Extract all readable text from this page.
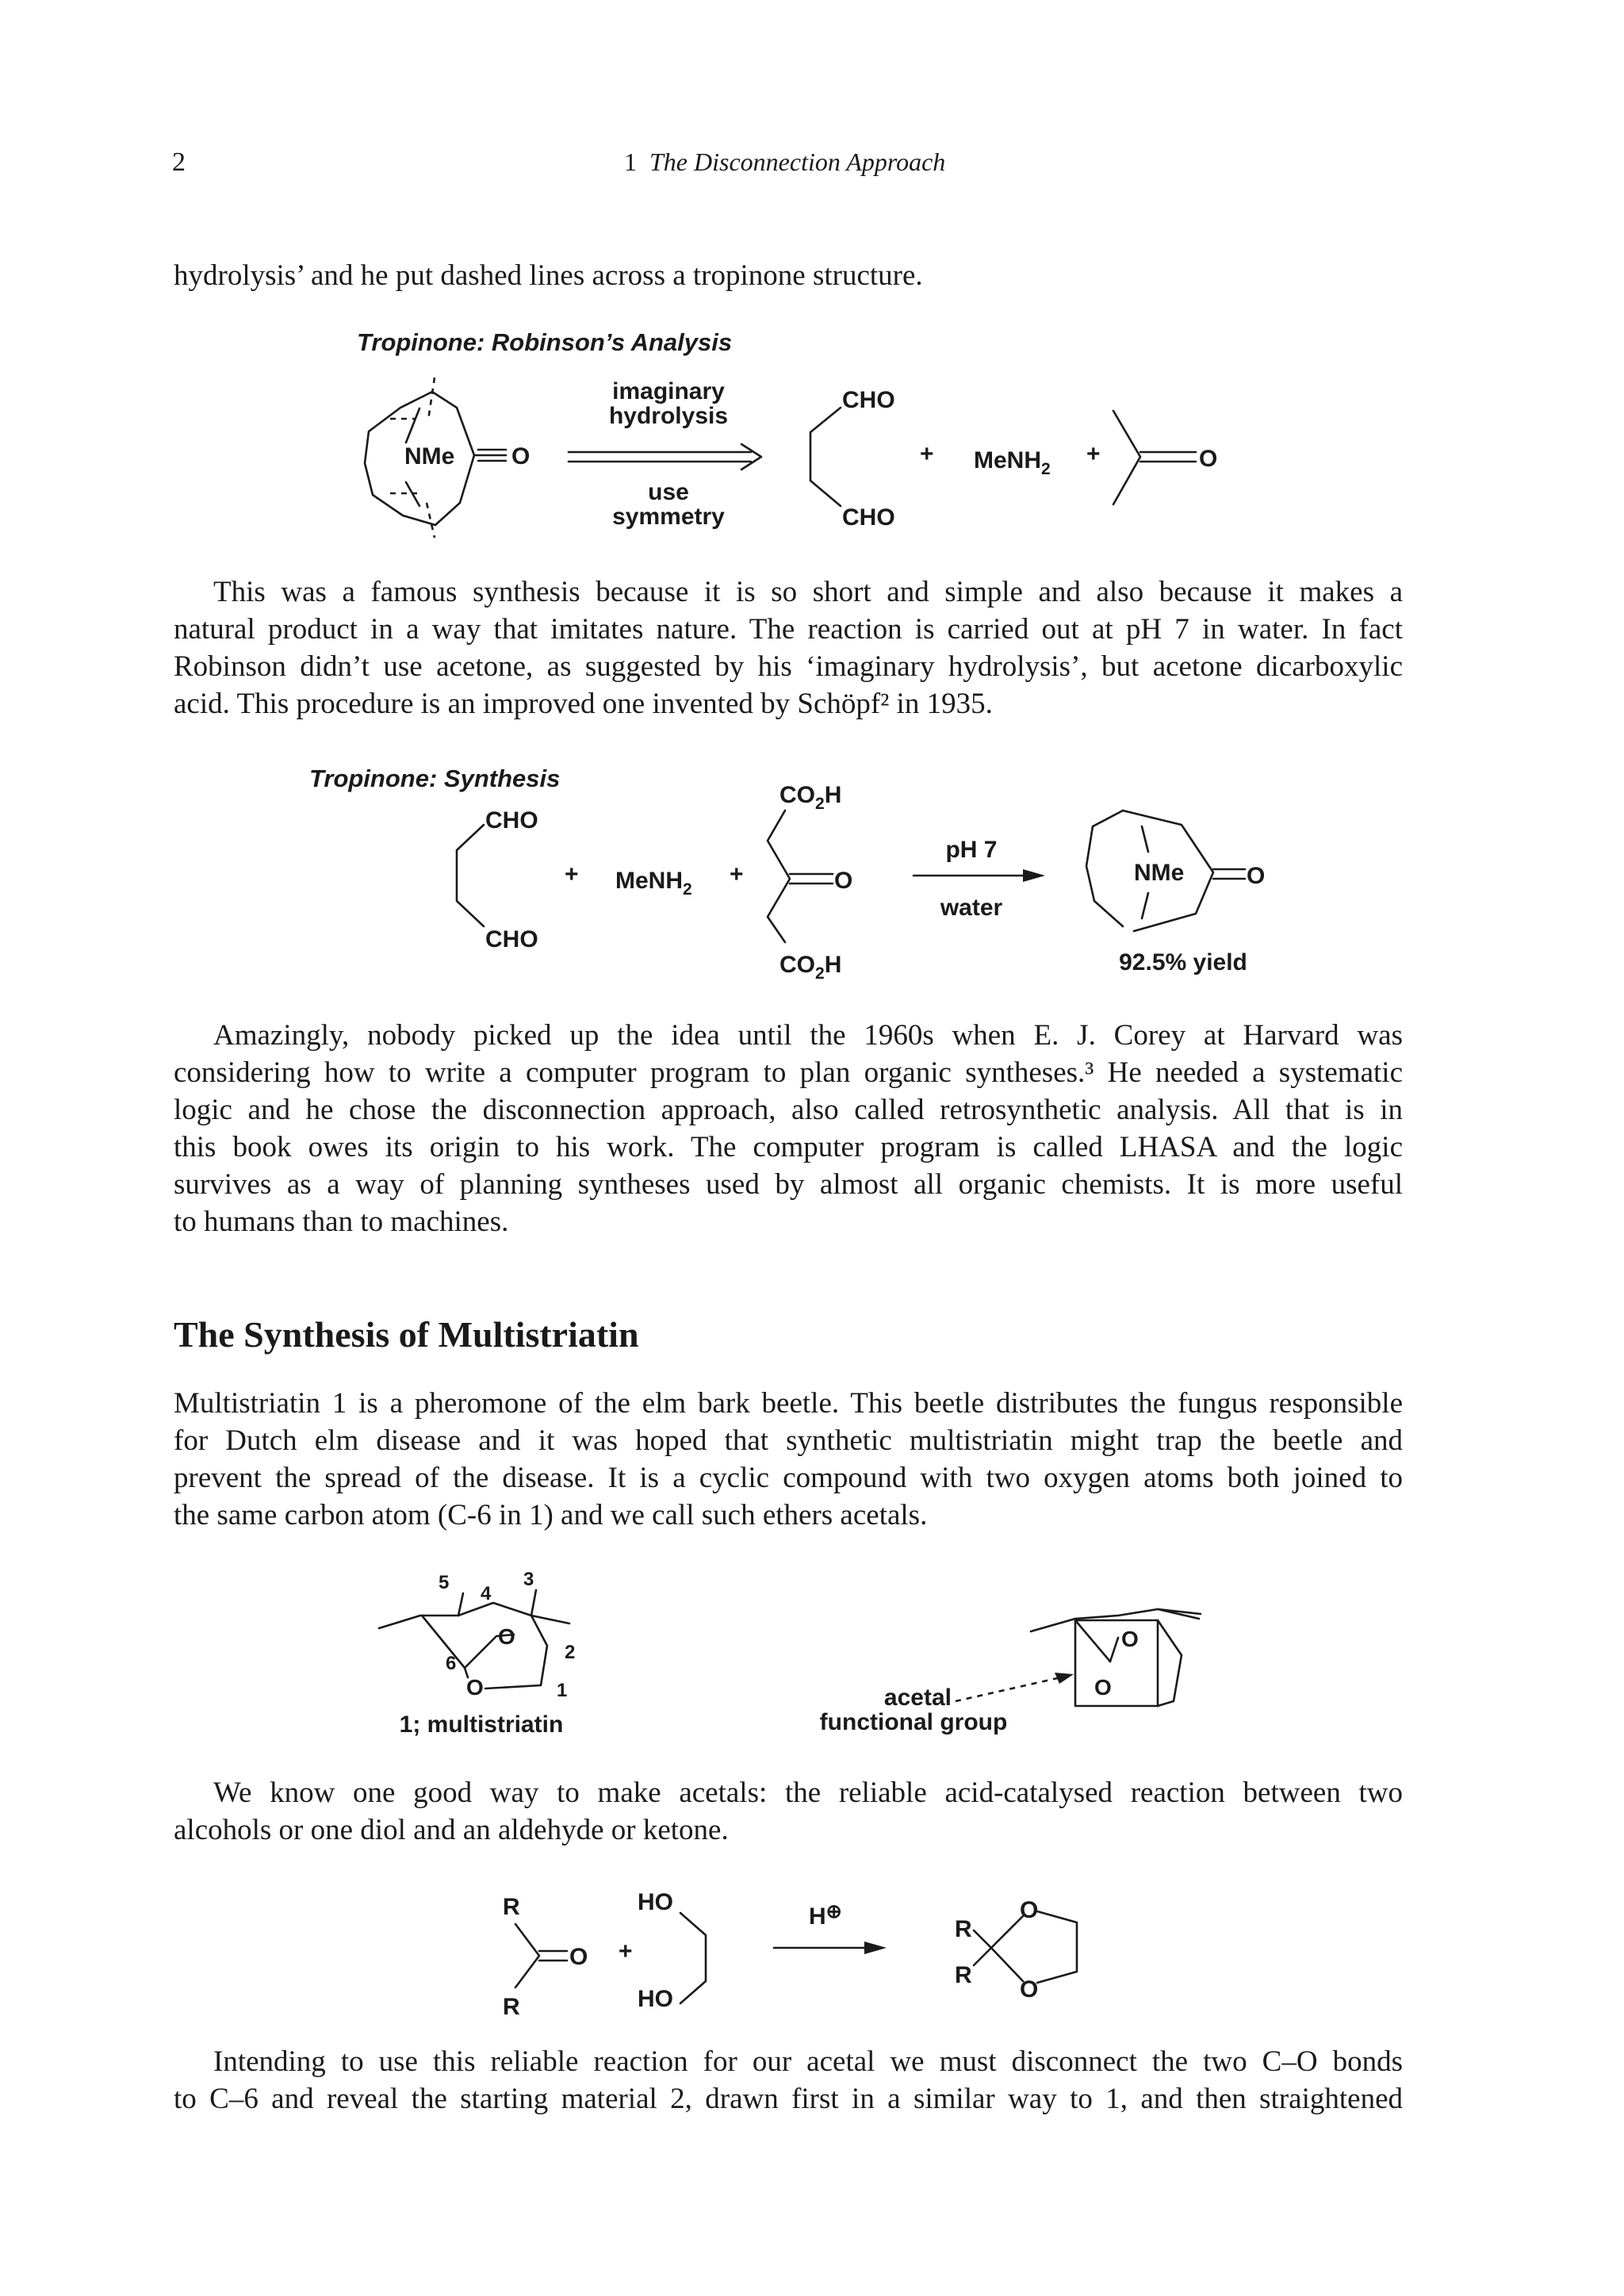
2	1 The Disconnection Approach
hydrolysis’ and he put dashed lines across a tropinone structure.
Tropinone: Robinson’s Analysis
NMe O
imaginary
hydrolysis
use
symmetry
CHO
CHO
+ MeNH$_2$
+	O
This was a famous synthesis because it is so short and simple and also because it makes a
natural product in a way that imitates nature. The reaction is carried out at pH 7 in water. In fact
Robinson didn’t use acetone, as suggested by his ‘imaginary hydrolysis’, but acetone dicarboxylic
acid. This procedure is an improved one invented by Schöpf² in 1935.
Tropinone: Synthesis
CHO
CHO
+ MeNH$_2$
+
$CO_2H$
O
$CO_2H$
pH 7
water
NMe	O
92.5% yield
Amazingly, nobody picked up the idea until the 1960s when E. J. Corey at Harvard was
considering how to write a computer program to plan organic syntheses.³ He needed a systematic
logic and he chose the disconnection approach, also called retrosynthetic analysis. All that is in
this book owes its origin to his work. The computer program is called LHASA and the logic
survives as a way of planning syntheses used by almost all organic chemists. It is more useful
to humans than to machines.
The Synthesis of Multistriatin
Multistriatin 1 is a pheromone of the elm bark beetle. This beetle distributes the fungus responsible
for Dutch elm disease and it was hoped that synthetic multistriatin might trap the beetle and
prevent the spread of the disease. It is a cyclic compound with two oxygen atoms both joined to
the same carbon atom (C-6 in 1) and we call such ethers acetals.
O
O
5
4
3
2
6
1
1; multistriatin
O
O
acetal
functional group
We know one good way to make acetals: the reliable acid-catalysed reaction between two
alcohols or one diol and an aldehyde or ketone.
R
O
R
+
HO
HO
H⊕
R
R
O
O
Intending to use this reliable reaction for our acetal we must disconnect the two C–O bonds
to C–6 and reveal the starting material 2, drawn first in a similar way to 1, and then straightened
